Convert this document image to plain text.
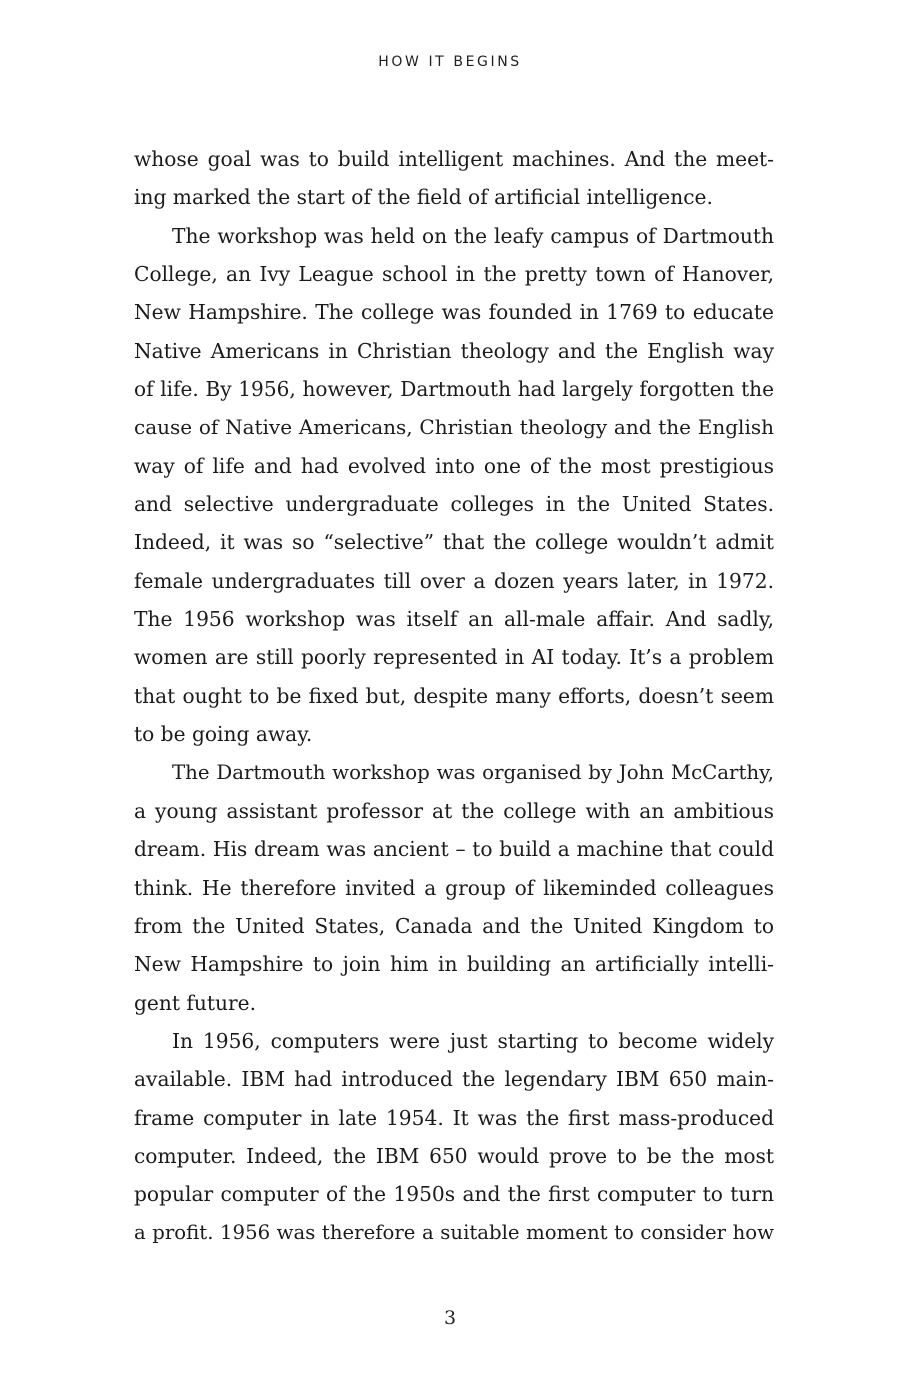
HOW IT BEGINS
whose goal was to build intelligent machines. And the meet-
ing marked the start of the field of artificial intelligence.
The workshop was held on the leafy campus of Dartmouth
College, an Ivy League school in the pretty town of Hanover,
New Hampshire. The college was founded in 1769 to educate
Native Americans in Christian theology and the English way
of life. By 1956, however, Dartmouth had largely forgotten the
cause of Native Americans, Christian theology and the English
way of life and had evolved into one of the most prestigious
and selective undergraduate colleges in the United States.
Indeed, it was so “selective” that the college wouldn’t admit
female undergraduates till over a dozen years later, in 1972.
The 1956 workshop was itself an all-male affair. And sadly,
women are still poorly represented in AI today. It’s a problem
that ought to be fixed but, despite many efforts, doesn’t seem
to be going away.
The Dartmouth workshop was organised by John McCarthy,
a young assistant professor at the college with an ambitious
dream. His dream was ancient – to build a machine that could
think. He therefore invited a group of likeminded colleagues
from the United States, Canada and the United Kingdom to
New Hampshire to join him in building an artificially intelli-
gent future.
In 1956, computers were just starting to become widely
available. IBM had introduced the legendary IBM 650 main-
frame computer in late 1954. It was the first mass-produced
computer. Indeed, the IBM 650 would prove to be the most
popular computer of the 1950s and the first computer to turn
a profit. 1956 was therefore a suitable moment to consider how
3
